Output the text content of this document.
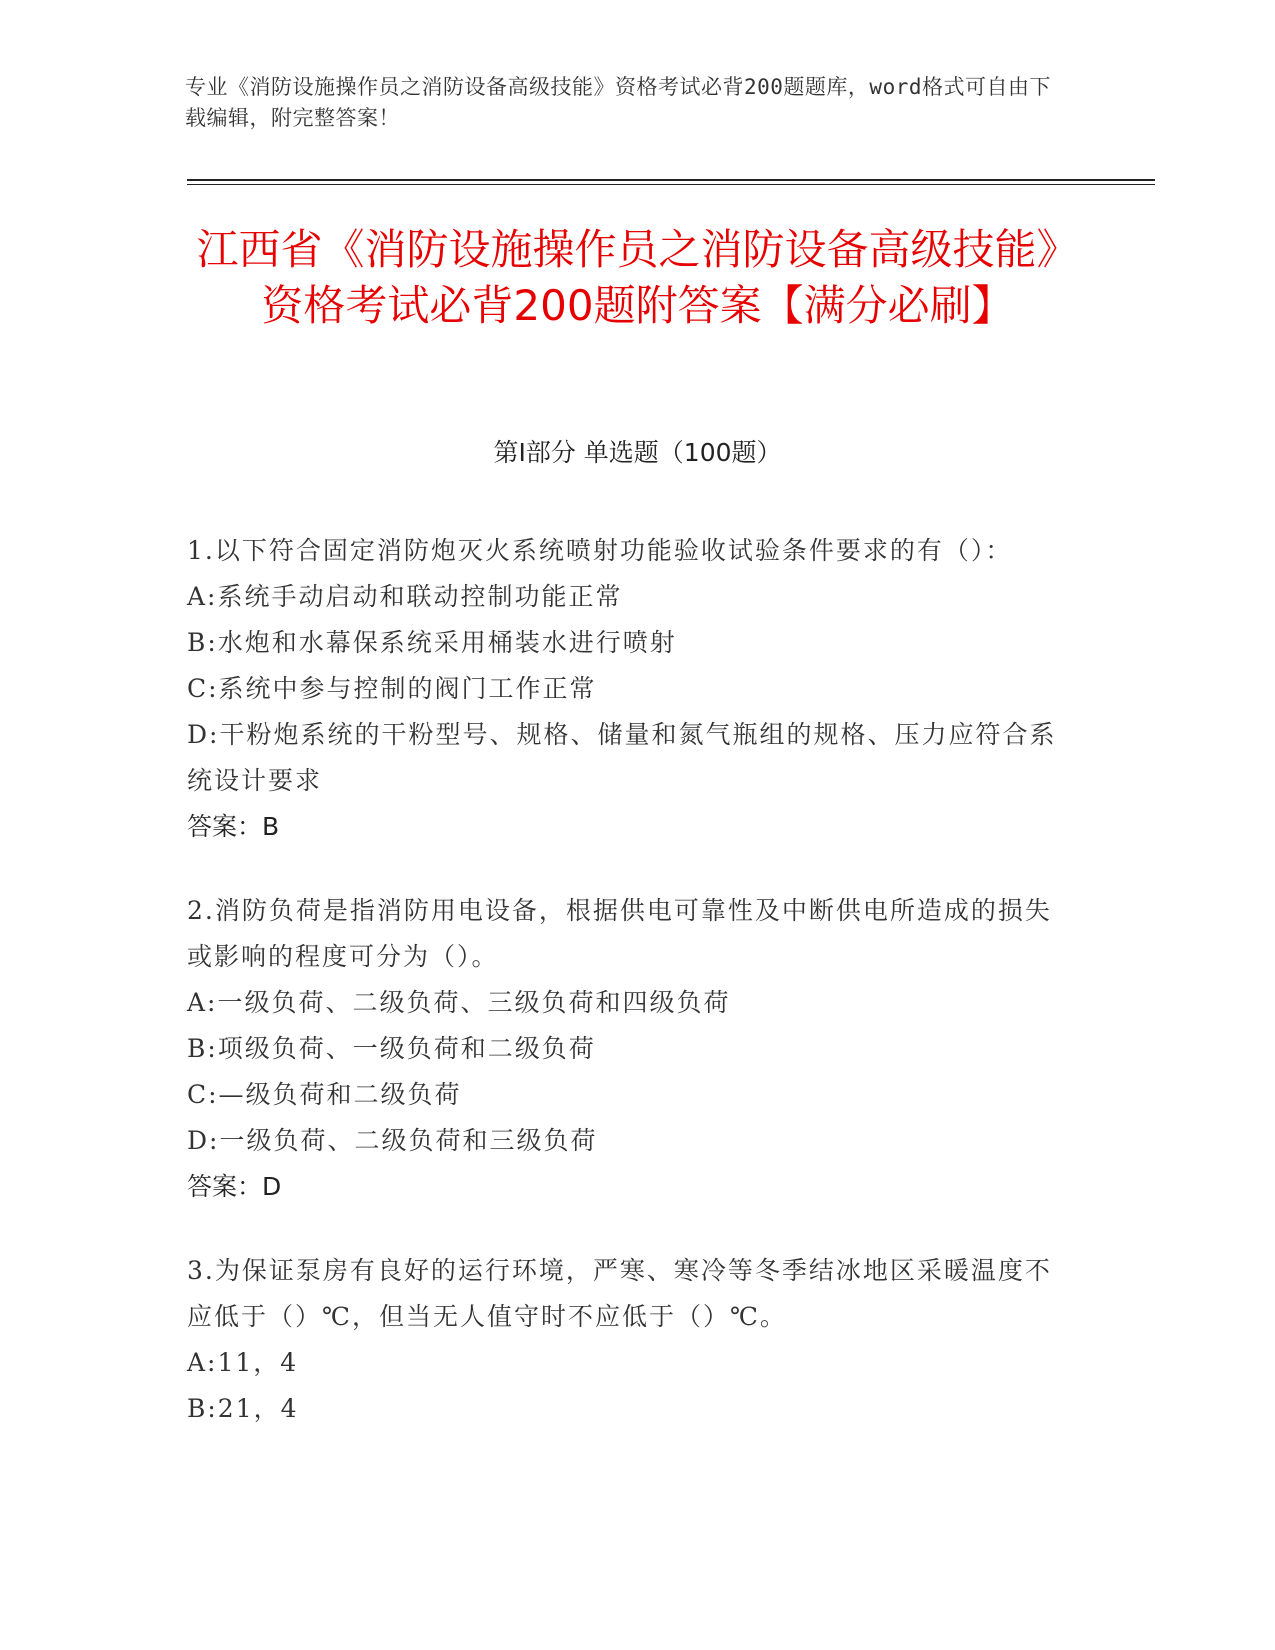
专业《消防设施操作员之消防设备高级技能》资格考试必背200题题库，word格式可自由下载编辑，附完整答案！
江西省《消防设施操作员之消防设备高级技能》资格考试必背200题附答案【满分必刷】
第I部分 单选题（100题）
1.以下符合固定消防炮灭火系统喷射功能验收试验条件要求的有（）：
A:系统手动启动和联动控制功能正常
B:水炮和水幕保系统采用桶装水进行喷射
C:系统中参与控制的阀门工作正常
D:干粉炮系统的干粉型号、规格、储量和氮气瓶组的规格、压力应符合系统设计要求
答案：B
2.消防负荷是指消防用电设备，根据供电可靠性及中断供电所造成的损失或影响的程度可分为（）。
A:一级负荷、二级负荷、三级负荷和四级负荷
B:项级负荷、一级负荷和二级负荷
C:—级负荷和二级负荷
D:一级负荷、二级负荷和三级负荷
答案：D
3.为保证泵房有良好的运行环境，严寒、寒冷等冬季结冰地区采暖温度不应低于（）℃，但当无人值守时不应低于（）℃。
A:11，4
B:21，4
